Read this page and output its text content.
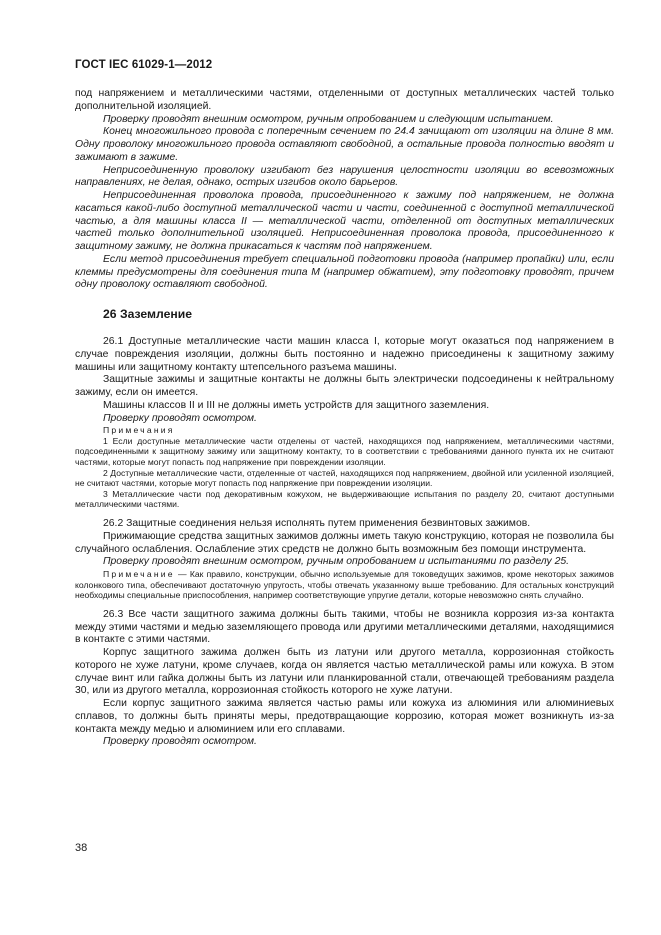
ГОСТ IEC 61029-1—2012

под напряжением и металлическими частями, отделенными от доступных металлических частей только дополнительной изоляцией.

Проверку проводят внешним осмотром, ручным опробованием и следующим испытанием.

Конец многожильного провода с поперечным сечением по 24.4 зачищают от изоляции на длине 8 мм. Одну проволоку многожильного провода оставляют свободной, а остальные провода полностью вводят и зажимают в зажиме.

Неприсоединенную проволоку изгибают без нарушения целостности изоляции во всевозможных направлениях, не делая, однако, острых изгибов около барьеров.

Неприсоединенная проволока провода, присоединенного к зажиму под напряжением, не должна касаться какой-либо доступной металлической части и части, соединенной с доступной металлической частью, а для машины класса II — металлической части, отделенной от доступных металлических частей только дополнительной изоляцией. Неприсоединенная проволока провода, присоединенного к защитному зажиму, не должна прикасаться к частям под напряжением.

Если метод присоединения требует специальной подготовки провода (например пропайки) или, если клеммы предусмотрены для соединения типа М (например обжатием), эту подготовку проводят, причем одну проволоку оставляют свободной.

26 Заземление

26.1 Доступные металлические части машин класса I, которые могут оказаться под напряжением в случае повреждения изоляции, должны быть постоянно и надежно присоединены к защитному зажиму машины или защитному контакту штепсельного разъема машины.

Защитные зажимы и защитные контакты не должны быть электрически подсоединены к нейтральному зажиму, если он имеется.

Машины классов II и III не должны иметь устройств для защитного заземления.

Проверку проводят осмотром.

Примечания

1 Если доступные металлические части отделены от частей, находящихся под напряжением, металлическими частями, подсоединенными к защитному зажиму или защитному контакту, то в соответствии с требованиями данного пункта их не считают частями, которые могут попасть под напряжение при повреждении изоляции.

2 Доступные металлические части, отделенные от частей, находящихся под напряжением, двойной или усиленной изоляцией, не считают частями, которые могут попасть под напряжение при повреждении изоляции.

3 Металлические части под декоративным кожухом, не выдерживающие испытания по разделу 20, считают доступными металлическими частями.

26.2 Защитные соединения нельзя исполнять путем применения безвинтовых зажимов.

Прижимающие средства защитных зажимов должны иметь такую конструкцию, которая не позволила бы случайного ослабления. Ослабление этих средств не должно быть возможным без помощи инструмента.

Проверку проводят внешним осмотром, ручным опробованием и испытаниями по разделу 25.

Примечание — Как правило, конструкции, обычно используемые для токоведущих зажимов, кроме некоторых зажимов колонкового типа, обеспечивают достаточную упругость, чтобы отвечать указанному выше требованию. Для остальных конструкций необходимы специальные приспособления, например соответствующие упругие детали, которые невозможно снять случайно.

26.3 Все части защитного зажима должны быть такими, чтобы не возникла коррозия из-за контакта между этими частями и медью заземляющего провода или другими металлическими деталями, находящимися в контакте с этими частями.

Корпус защитного зажима должен быть из латуни или другого металла, коррозионная стойкость которого не хуже латуни, кроме случаев, когда он является частью металлической рамы или кожуха. В этом случае винт или гайка должны быть из латуни или планкированной стали, отвечающей требованиям раздела 30, или из другого металла, коррозионная стойкость которого не хуже латуни.

Если корпус защитного зажима является частью рамы или кожуха из алюминия или алюминиевых сплавов, то должны быть приняты меры, предотвращающие коррозию, которая может возникнуть из-за контакта между медью и алюминием или его сплавами.

Проверку проводят осмотром.

38
